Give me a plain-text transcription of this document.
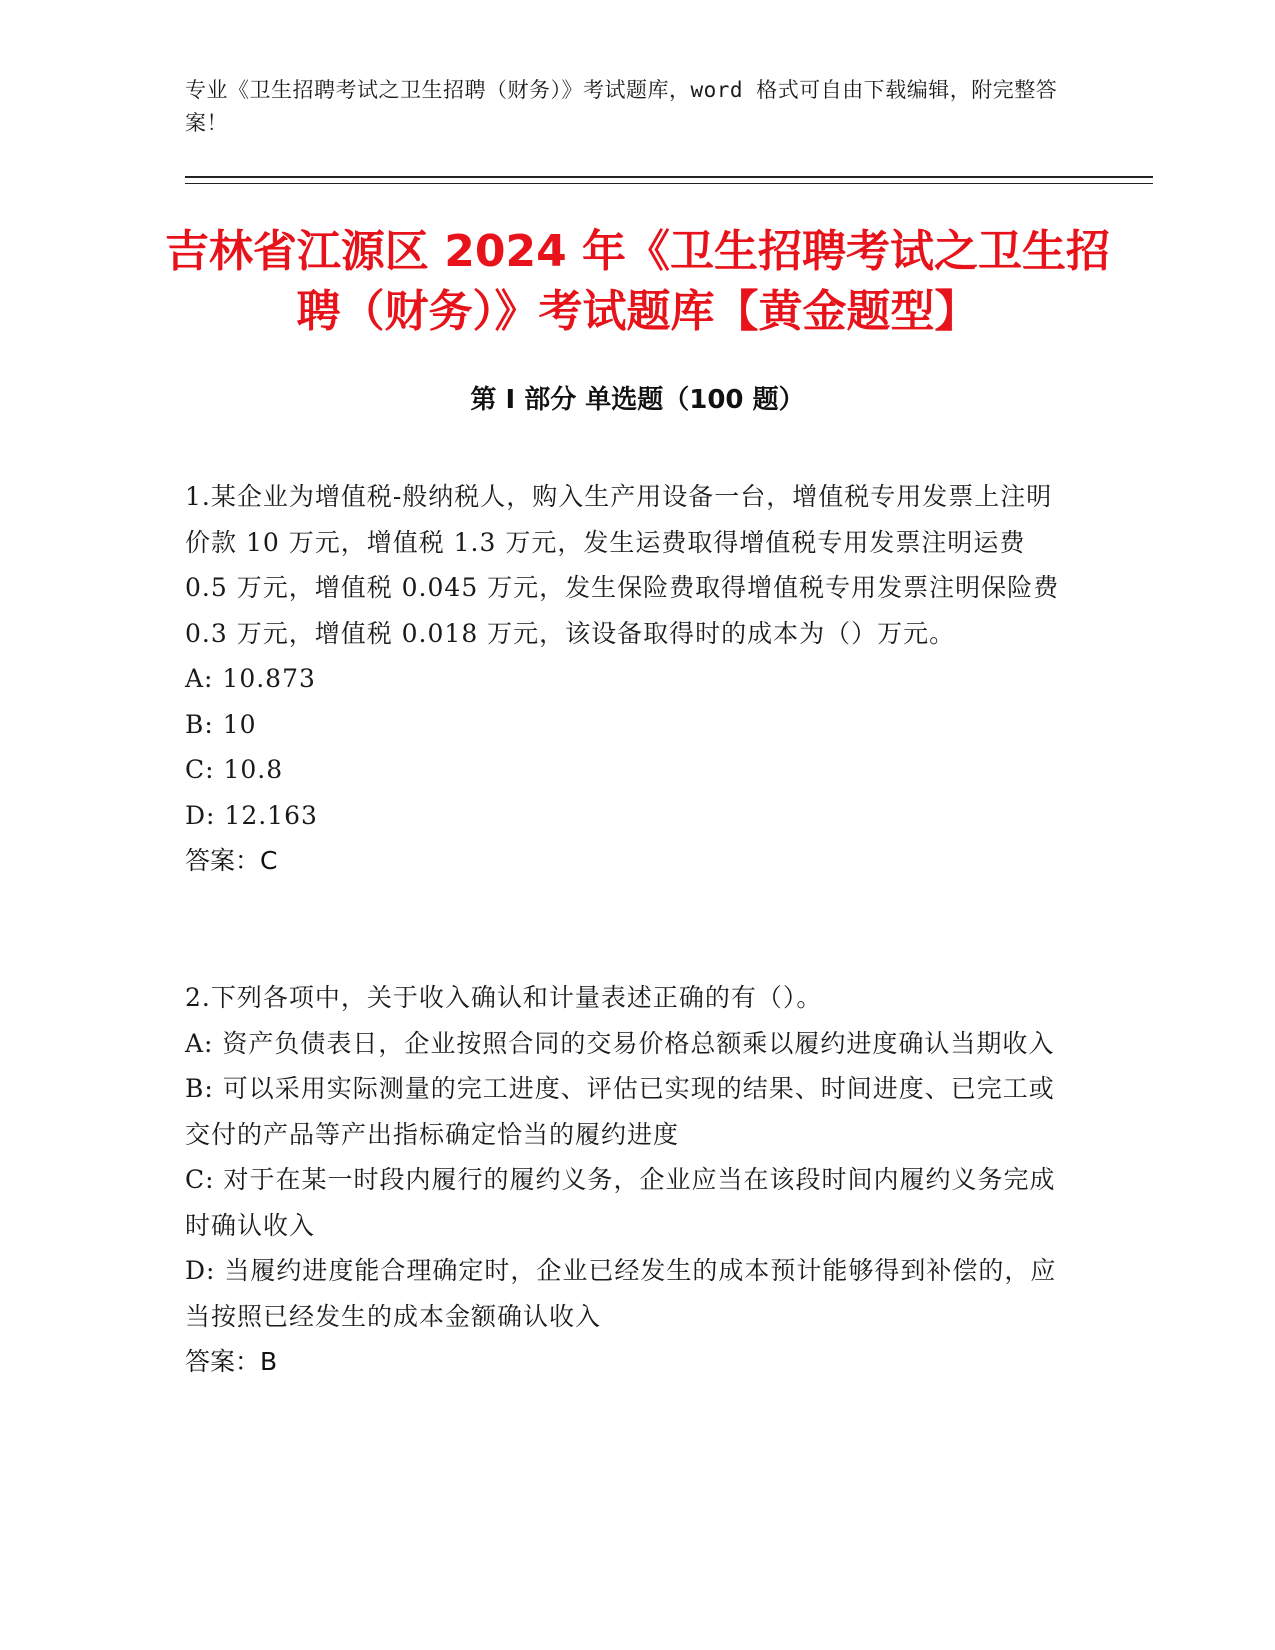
专业《卫生招聘考试之卫生招聘（财务）》考试题库，word 格式可自由下载编辑，附完整答案！
吉林省江源区 2024 年《卫生招聘考试之卫生招聘（财务）》考试题库【黄金题型】
第 I 部分 单选题（100 题）

1.某企业为增值税-般纳税人，购入生产用设备一台，增值税专用发票上注明价款 10 万元，增值税 1.3 万元，发生运费取得增值税专用发票注明运费 0.5 万元，增值税 0.045 万元，发生保险费取得增值税专用发票注明保险费 0.3 万元，增值税 0.018 万元，该设备取得时的成本为（）万元。

A: 10.873

B: 10

C: 10.8

D: 12.163

答案：C

2.下列各项中，关于收入确认和计量表述正确的有（）。

A: 资产负债表日，企业按照合同的交易价格总额乘以履约进度确认当期收入

B: 可以采用实际测量的完工进度、评估已实现的结果、时间进度、已完工或交付的产品等产出指标确定恰当的履约进度

C: 对于在某一时段内履行的履约义务，企业应当在该段时间内履约义务完成时确认收入

D: 当履约进度能合理确定时，企业已经发生的成本预计能够得到补偿的，应当按照已经发生的成本金额确认收入

答案：B
